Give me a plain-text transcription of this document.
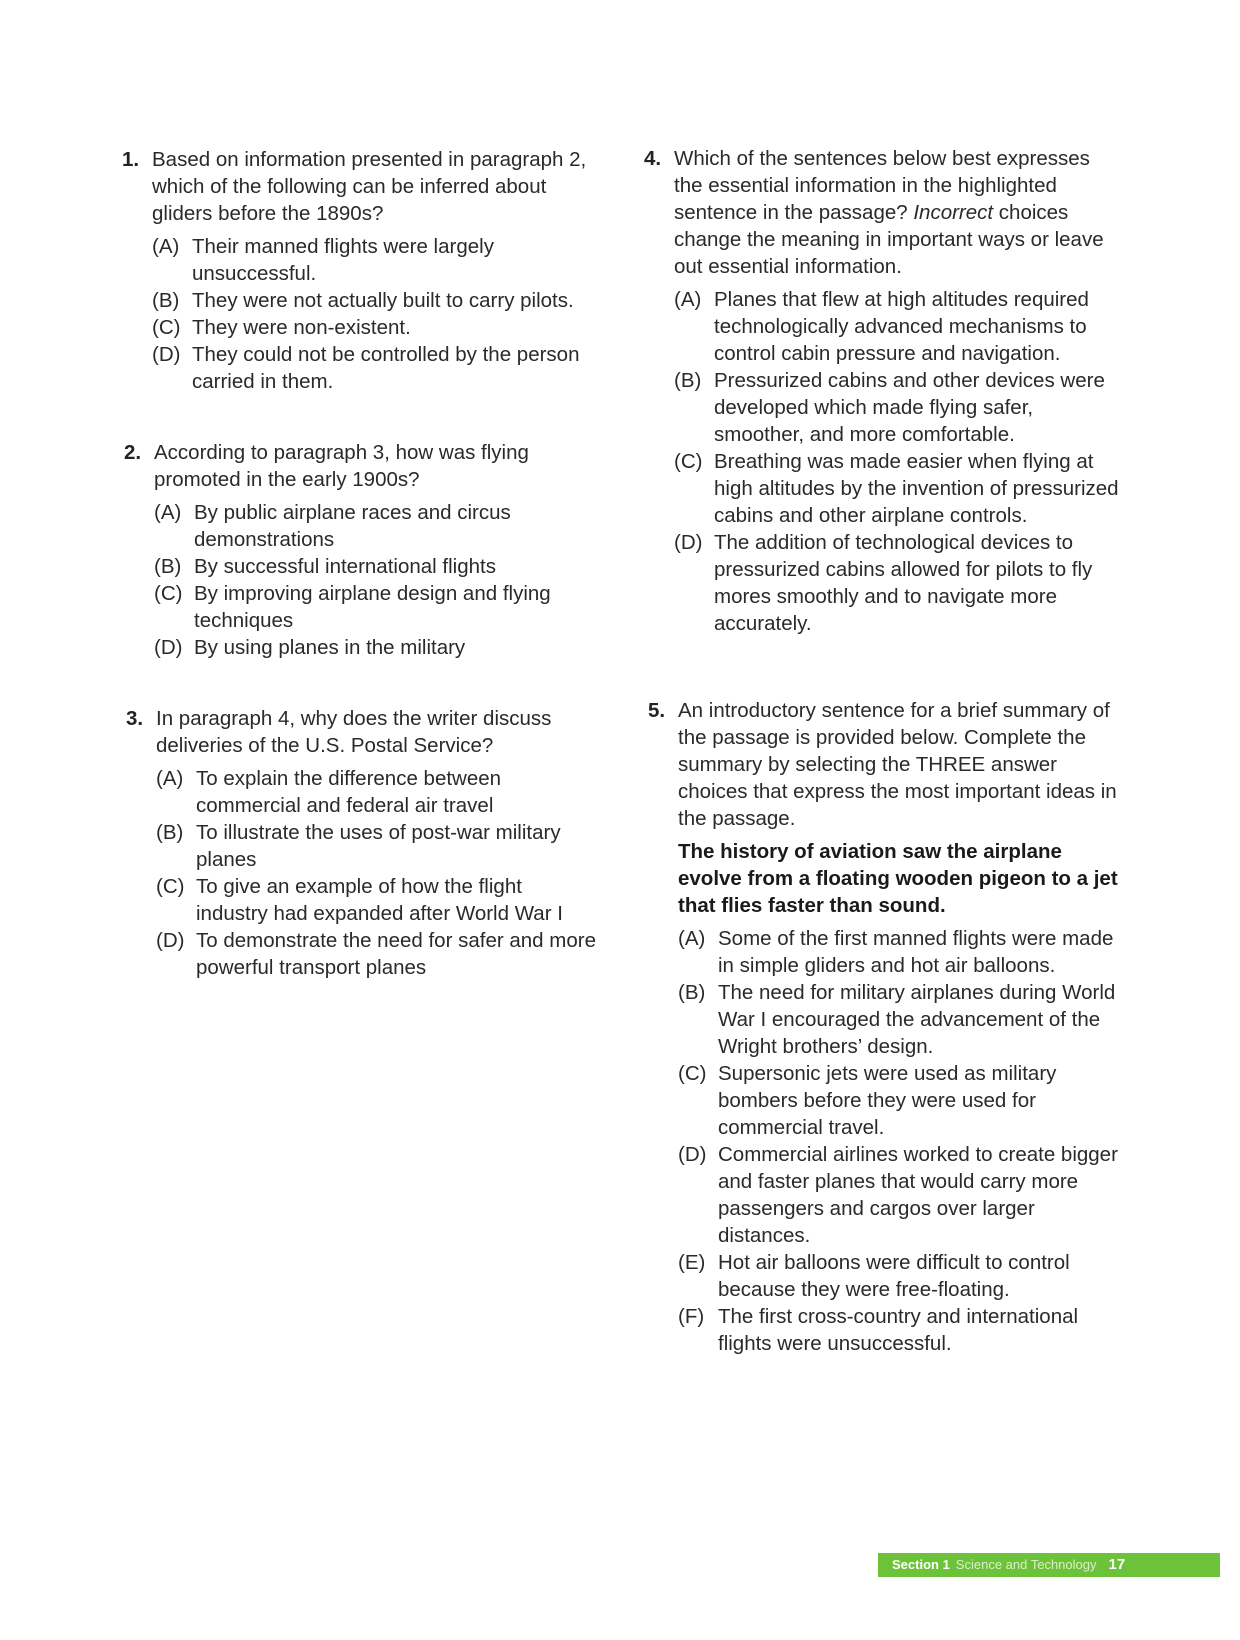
1. Based on information presented in paragraph 2, which of the following can be inferred about gliders before the 1890s?
(A) Their manned flights were largely unsuccessful.
(B) They were not actually built to carry pilots.
(C) They were non-existent.
(D) They could not be controlled by the person carried in them.
2. According to paragraph 3, how was flying promoted in the early 1900s?
(A) By public airplane races and circus demonstrations
(B) By successful international flights
(C) By improving airplane design and flying techniques
(D) By using planes in the military
3. In paragraph 4, why does the writer discuss deliveries of the U.S. Postal Service?
(A) To explain the difference between commercial and federal air travel
(B) To illustrate the uses of post-war military planes
(C) To give an example of how the flight industry had expanded after World War I
(D) To demonstrate the need for safer and more powerful transport planes
4. Which of the sentences below best expresses the essential information in the highlighted sentence in the passage? Incorrect choices change the meaning in important ways or leave out essential information.
(A) Planes that flew at high altitudes required technologically advanced mechanisms to control cabin pressure and navigation.
(B) Pressurized cabins and other devices were developed which made flying safer, smoother, and more comfortable.
(C) Breathing was made easier when flying at high altitudes by the invention of pressurized cabins and other airplane controls.
(D) The addition of technological devices to pressurized cabins allowed for pilots to fly mores smoothly and to navigate more accurately.
5. An introductory sentence for a brief summary of the passage is provided below. Complete the summary by selecting the THREE answer choices that express the most important ideas in the passage.
The history of aviation saw the airplane evolve from a floating wooden pigeon to a jet that flies faster than sound.
(A) Some of the first manned flights were made in simple gliders and hot air balloons.
(B) The need for military airplanes during World War I encouraged the advancement of the Wright brothers’ design.
(C) Supersonic jets were used as military bombers before they were used for commercial travel.
(D) Commercial airlines worked to create bigger and faster planes that would carry more passengers and cargos over larger distances.
(E) Hot air balloons were difficult to control because they were free-floating.
(F) The first cross-country and international flights were unsuccessful.
Section 1 Science and Technology 17
